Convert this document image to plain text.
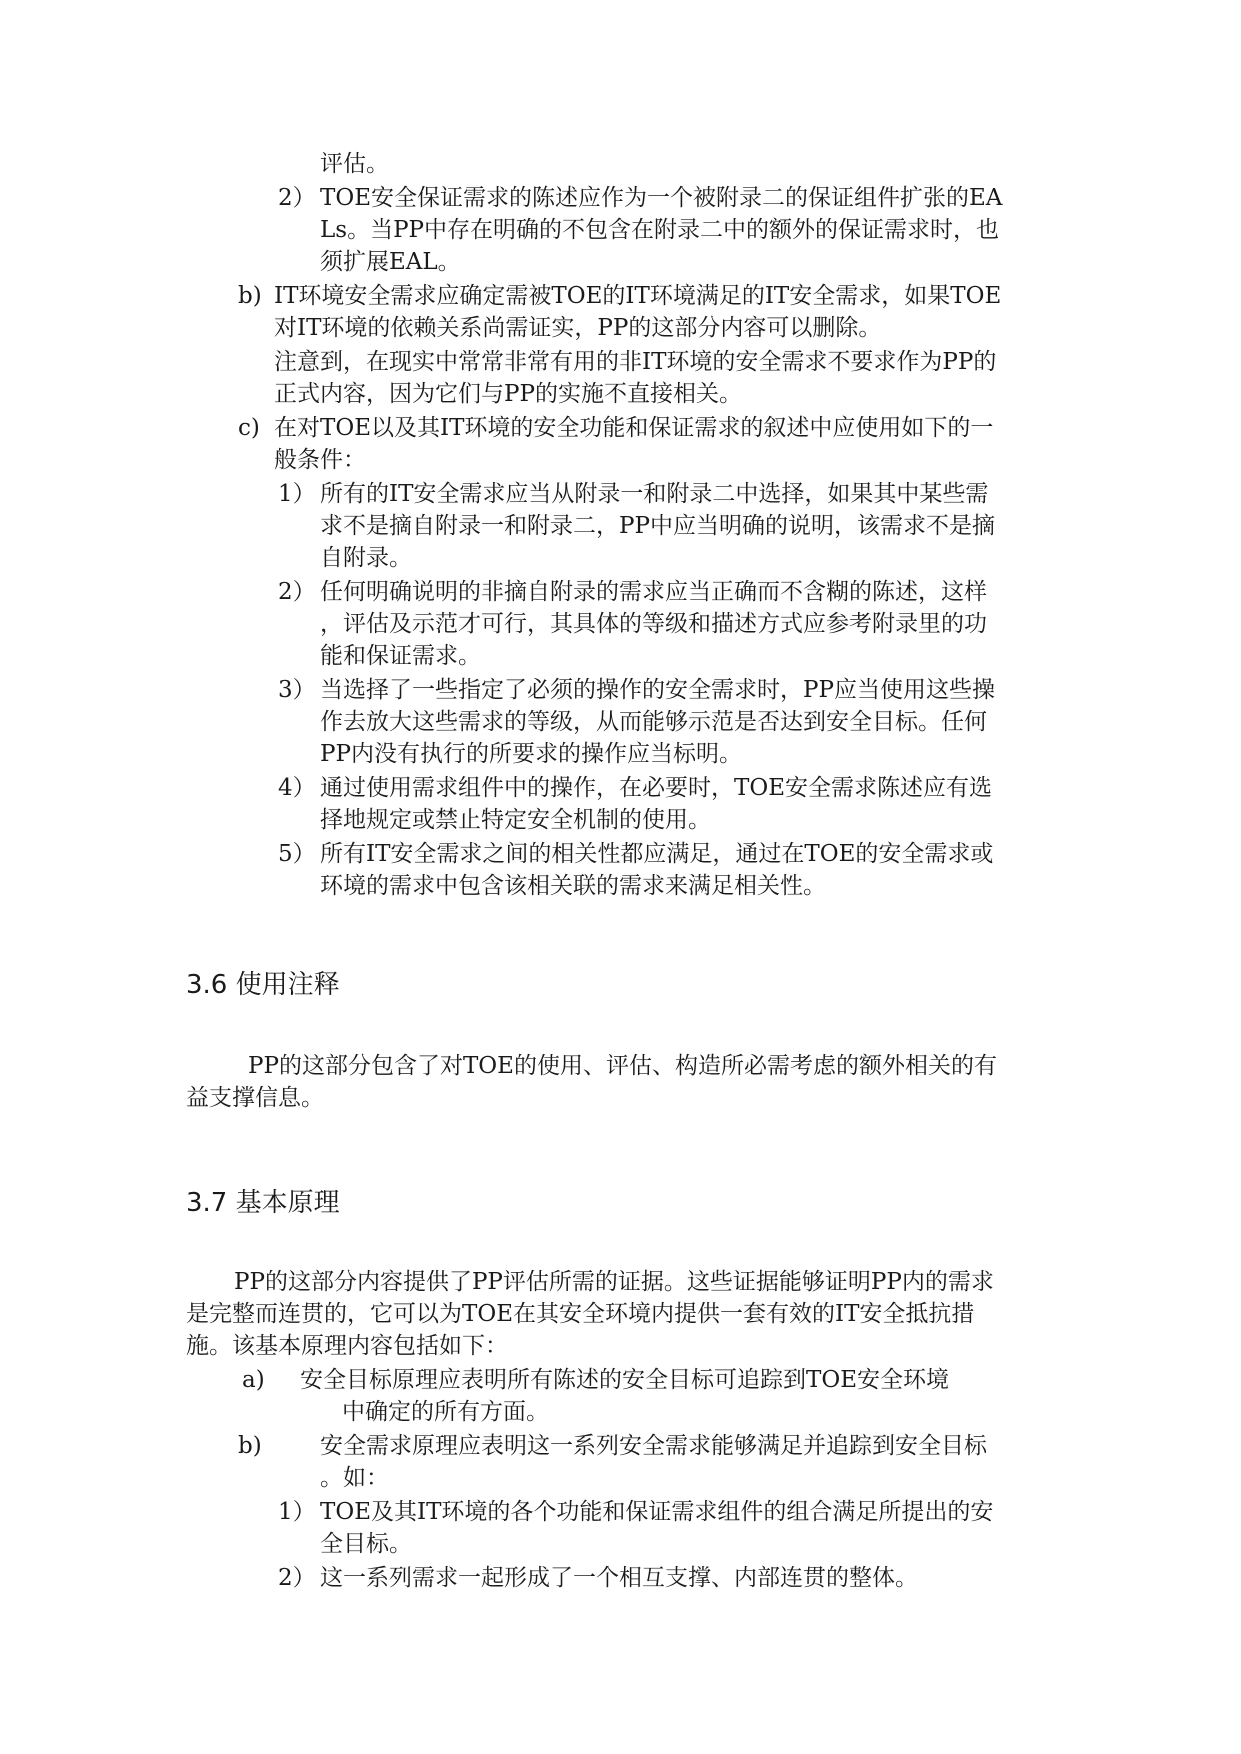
评估。
2） TOE安全保证需求的陈述应作为一个被附录二的保证组件扩张的EA
Ls。当PP中存在明确的不包含在附录二中的额外的保证需求时，也
须扩展EAL。
b) IT环境安全需求应确定需被TOE的IT环境满足的IT安全需求，如果TOE
对IT环境的依赖关系尚需证实，PP的这部分内容可以删除。
注意到，在现实中常常非常有用的非IT环境的安全需求不要求作为PP的
正式内容，因为它们与PP的实施不直接相关。
c) 在对TOE以及其IT环境的安全功能和保证需求的叙述中应使用如下的一
般条件：
1） 所有的IT安全需求应当从附录一和附录二中选择，如果其中某些需
求不是摘自附录一和附录二，PP中应当明确的说明，该需求不是摘
自附录。
2） 任何明确说明的非摘自附录的需求应当正确而不含糊的陈述，这样
，评估及示范才可行，其具体的等级和描述方式应参考附录里的功
能和保证需求。
3） 当选择了一些指定了必须的操作的安全需求时，PP应当使用这些操
作去放大这些需求的等级，从而能够示范是否达到安全目标。任何
PP内没有执行的所要求的操作应当标明。
4） 通过使用需求组件中的操作，在必要时，TOE安全需求陈述应有选
择地规定或禁止特定安全机制的使用。
5） 所有IT安全需求之间的相关性都应满足，通过在TOE的安全需求或
环境的需求中包含该相关联的需求来满足相关性。
3.6 使用注释
PP的这部分包含了对TOE的使用、评估、构造所必需考虑的额外相关的有
益支撑信息。
3.7 基本原理
PP的这部分内容提供了PP评估所需的证据。这些证据能够证明PP内的需求
是完整而连贯的，它可以为TOE在其安全环境内提供一套有效的IT安全抵抗措
施。该基本原理内容包括如下：
a) 安全目标原理应表明所有陈述的安全目标可追踪到TOE安全环境
中确定的所有方面。
b)	安全需求原理应表明这一系列安全需求能够满足并追踪到安全目标
。如：
1） TOE及其IT环境的各个功能和保证需求组件的组合满足所提出的安
全目标。
2） 这一系列需求一起形成了一个相互支撑、内部连贯的整体。
